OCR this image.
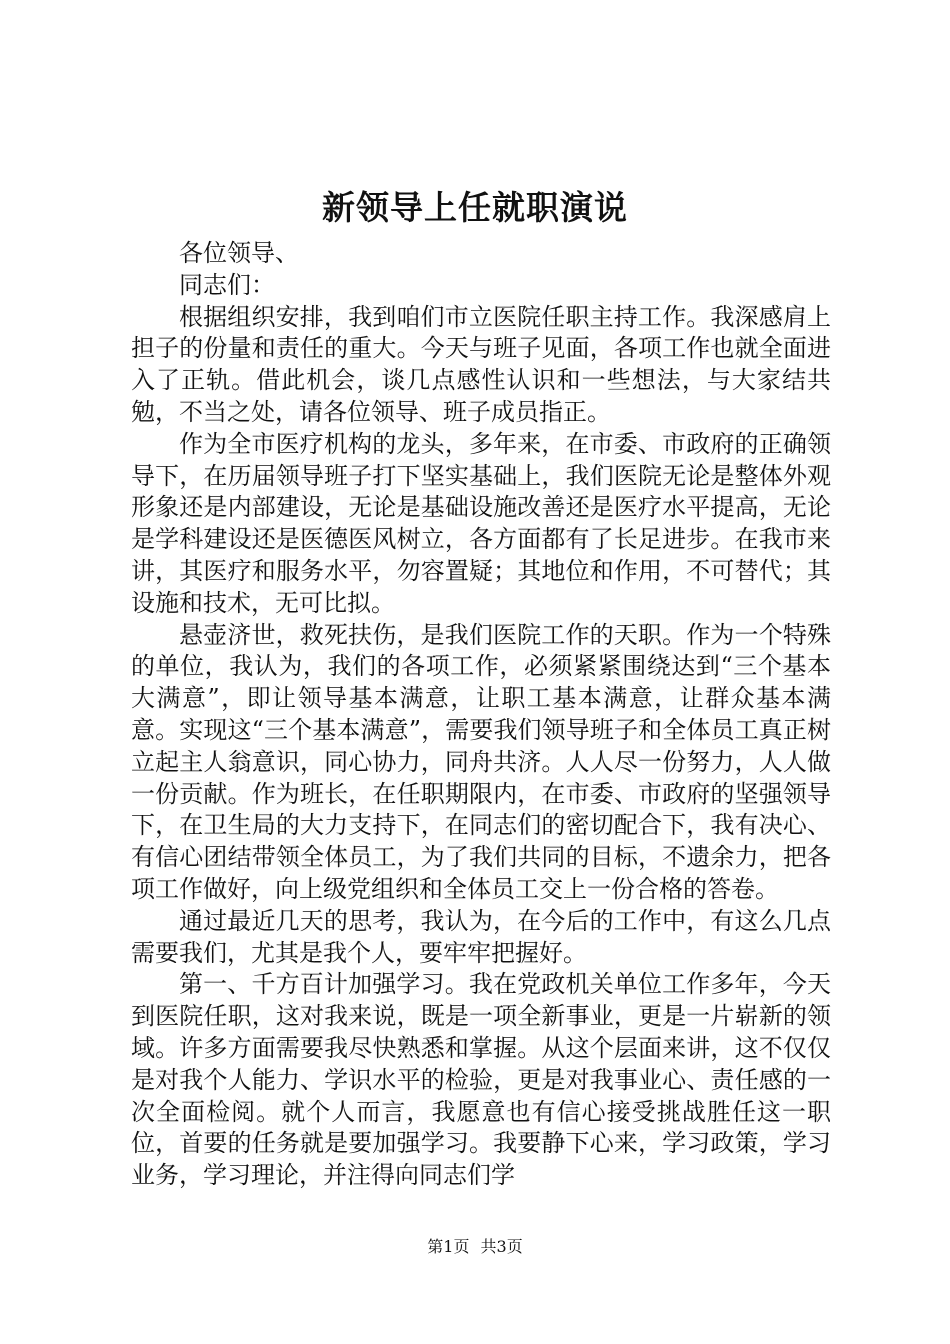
新领导上任就职演说

各位领导、

同志们：

根据组织安排，我到咱们市立医院任职主持工作。我深感肩上担子的份量和责任的重大。今天与班子见面，各项工作也就全面进入了正轨。借此机会，谈几点感性认识和一些想法，与大家结共勉，不当之处，请各位领导、班子成员指正。

作为全市医疗机构的龙头，多年来，在市委、市政府的正确领导下，在历届领导班子打下坚实基础上，我们医院无论是整体外观形象还是内部建设，无论是基础设施改善还是医疗水平提高，无论是学科建设还是医德医风树立，各方面都有了长足进步。在我市来讲，其医疗和服务水平，勿容置疑；其地位和作用，不可替代；其设施和技术，无可比拟。

悬壶济世，救死扶伤，是我们医院工作的天职。作为一个特殊的单位，我认为，我们的各项工作，必须紧紧围绕达到“三个基本大满意”，即让领导基本满意，让职工基本满意，让群众基本满意。实现这“三个基本满意”，需要我们领导班子和全体员工真正树立起主人翁意识，同心协力，同舟共济。人人尽一份努力，人人做一份贡献。作为班长，在任职期限内，在市委、市政府的坚强领导下，在卫生局的大力支持下，在同志们的密切配合下，我有决心、有信心团结带领全体员工，为了我们共同的目标，不遗余力，把各项工作做好，向上级党组织和全体员工交上一份合格的答卷。

通过最近几天的思考，我认为，在今后的工作中，有这么几点需要我们，尤其是我个人，要牢牢把握好。

第一、千方百计加强学习。我在党政机关单位工作多年，今天到医院任职，这对我来说，既是一项全新事业，更是一片崭新的领域。许多方面需要我尽快熟悉和掌握。从这个层面来讲，这不仅仅是对我个人能力、学识水平的检验，更是对我事业心、责任感的一次全面检阅。就个人而言，我愿意也有信心接受挑战胜任这一职位，首要的任务就是要加强学习。我要静下心来，学习政策，学习业务，学习理论，并注得向同志们学

第1页 共3页
